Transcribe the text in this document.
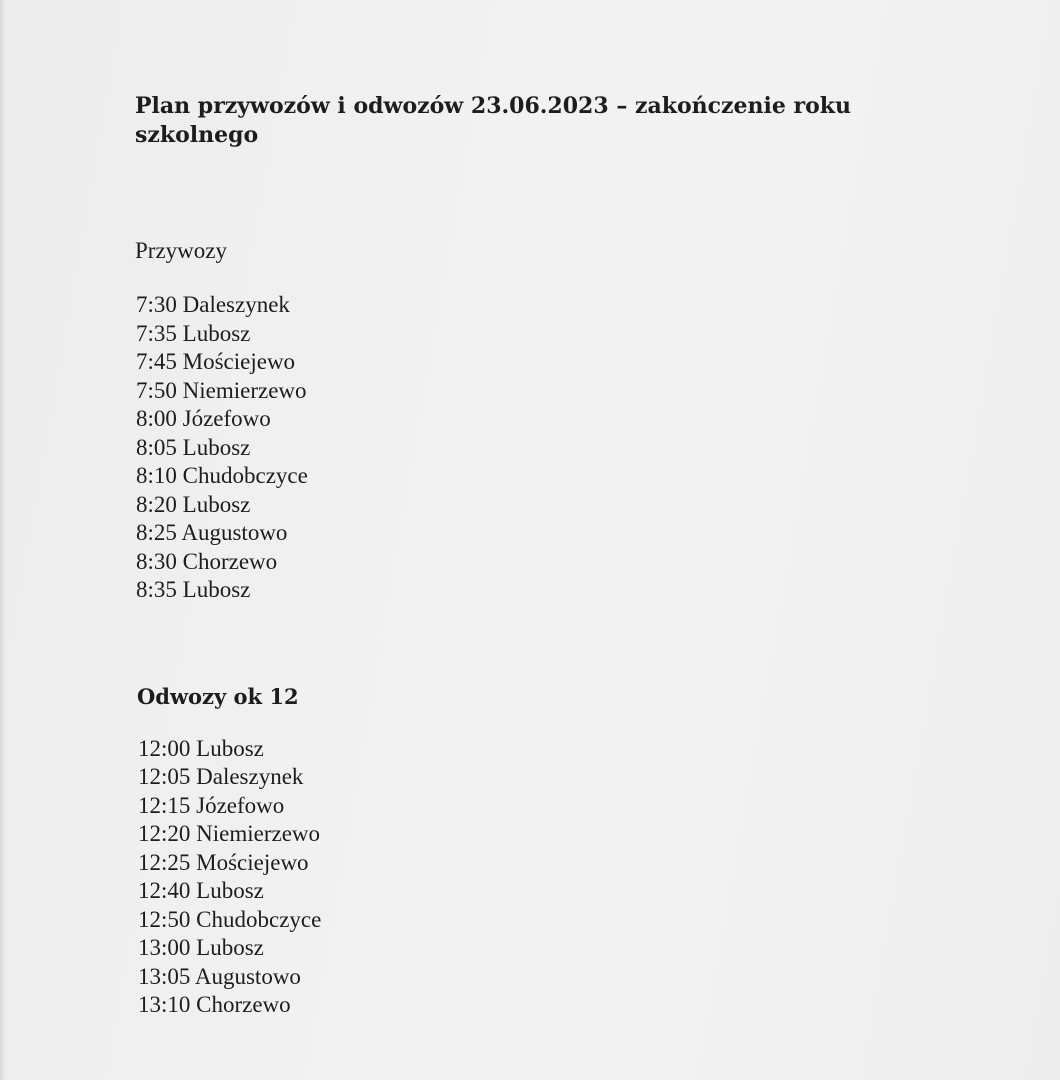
Plan przywozów i odwozów 23.06.2023 – zakończenie roku szkolnego

Przywozy

7:30 Daleszynek
7:35 Lubosz
7:45 Mościejewo
7:50 Niemierzewo
8:00 Józefowo
8:05 Lubosz
8:10 Chudobczyce
8:20 Lubosz
8:25 Augustowo
8:30 Chorzewo
8:35 Lubosz

Odwozy ok 12

12:00 Lubosz
12:05 Daleszynek
12:15 Józefowo
12:20 Niemierzewo
12:25 Mościejewo
12:40 Lubosz
12:50 Chudobczyce
13:00 Lubosz
13:05 Augustowo
13:10 Chorzewo
